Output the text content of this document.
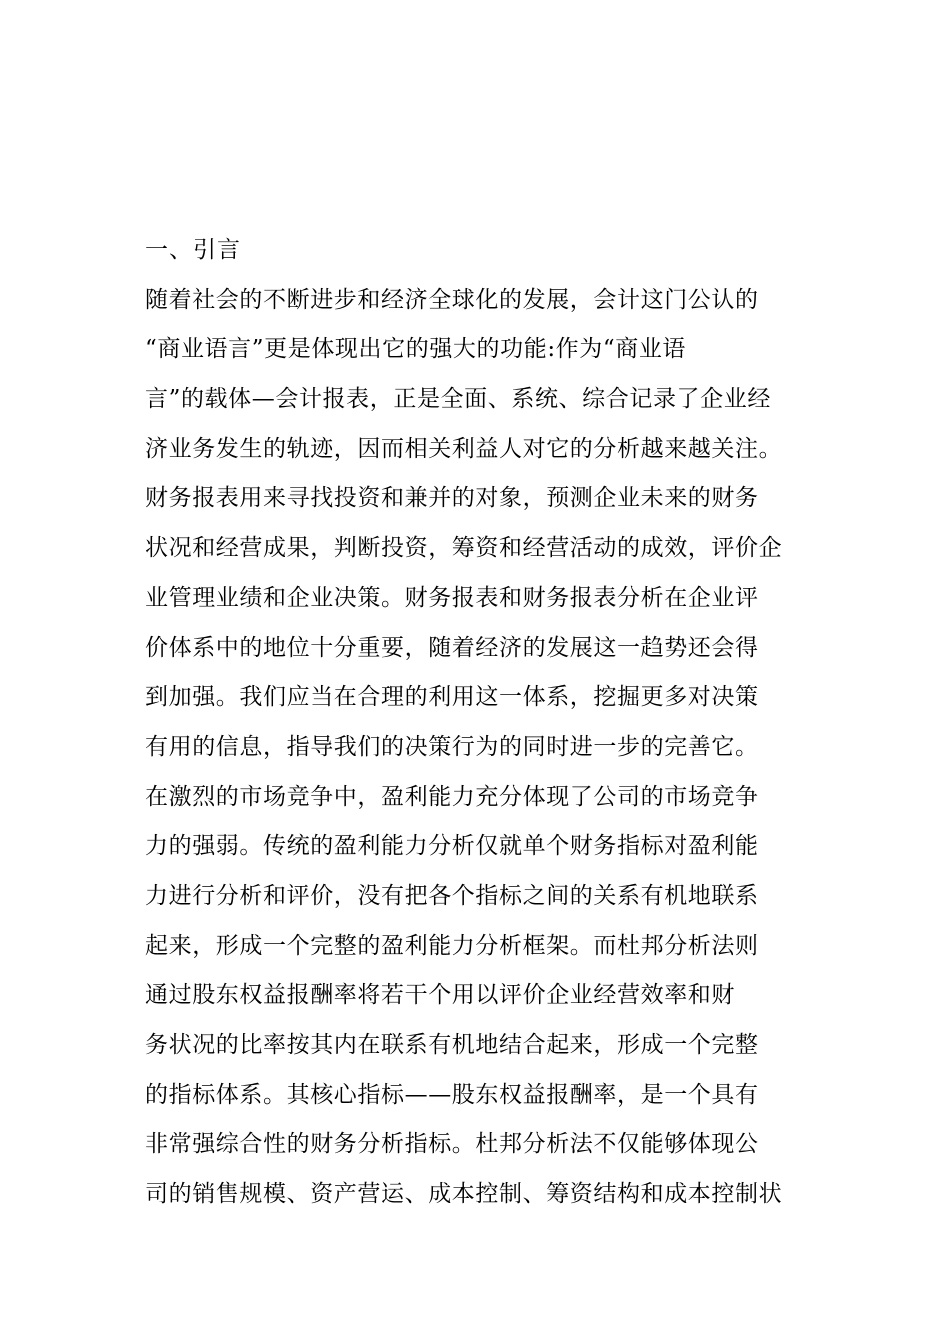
一、引言
随着社会的不断进步和经济全球化的发展，会计这门公认的
“商业语言”更是体现出它的强大的功能:作为“商业语
言”的载体—会计报表，正是全面、系统、综合记录了企业经
济业务发生的轨迹，因而相关利益人对它的分析越来越关注。
财务报表用来寻找投资和兼并的对象，预测企业未来的财务
状况和经营成果，判断投资，筹资和经营活动的成效，评价企
业管理业绩和企业决策。财务报表和财务报表分析在企业评
价体系中的地位十分重要，随着经济的发展这一趋势还会得
到加强。我们应当在合理的利用这一体系，挖掘更多对决策
有用的信息，指导我们的决策行为的同时进一步的完善它。
在激烈的市场竞争中，盈利能力充分体现了公司的市场竞争
力的强弱。传统的盈利能力分析仅就单个财务指标对盈利能
力进行分析和评价，没有把各个指标之间的关系有机地联系
起来，形成一个完整的盈利能力分析框架。而杜邦分析法则
通过股东权益报酬率将若干个用以评价企业经营效率和财
务状况的比率按其内在联系有机地结合起来，形成一个完整
的指标体系。其核心指标——股东权益报酬率，是一个具有
非常强综合性的财务分析指标。杜邦分析法不仅能够体现公
司的销售规模、资产营运、成本控制、筹资结构和成本控制状
